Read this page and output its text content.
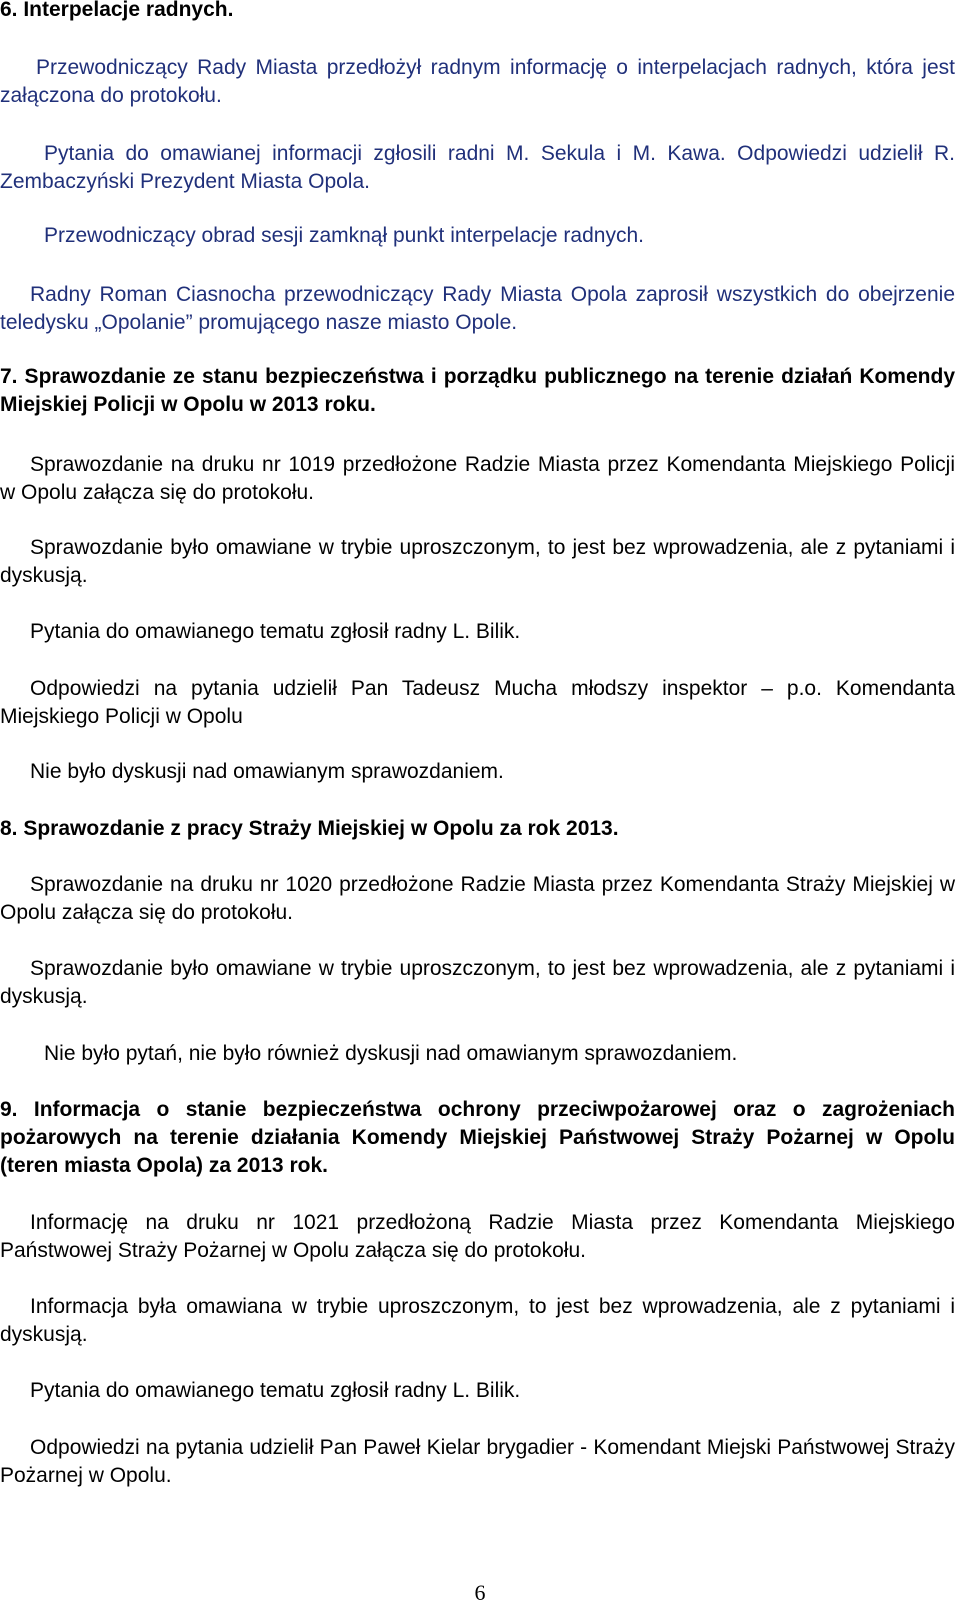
6. Interpelacje radnych.

Przewodniczący Rady Miasta przedłożył radnym informację o interpelacjach radnych, która jest załączona do protokołu.

Pytania do omawianej informacji zgłosili radni M. Sekula i M. Kawa. Odpowiedzi udzielił R. Zembaczyński Prezydent Miasta Opola.

Przewodniczący obrad sesji zamknął punkt interpelacje radnych.

Radny Roman Ciasnocha przewodniczący Rady Miasta Opola zaprosił wszystkich do obejrzenie teledysku „Opolanie” promującego nasze miasto Opole.

7. Sprawozdanie ze stanu bezpieczeństwa i porządku publicznego na terenie działań Komendy Miejskiej Policji w Opolu w 2013 roku.

Sprawozdanie na druku nr 1019 przedłożone Radzie Miasta przez Komendanta Miejskiego Policji w Opolu załącza się do protokołu.

Sprawozdanie było omawiane w trybie uproszczonym, to jest bez wprowadzenia, ale z pytaniami i dyskusją.

Pytania do omawianego tematu zgłosił radny L. Bilik.

Odpowiedzi na pytania udzielił Pan Tadeusz Mucha młodszy inspektor – p.o. Komendanta Miejskiego Policji w Opolu

Nie było dyskusji nad omawianym sprawozdaniem.

8. Sprawozdanie z pracy Straży Miejskiej w Opolu za rok 2013.

Sprawozdanie na druku nr 1020 przedłożone Radzie Miasta przez Komendanta Straży Miejskiej w Opolu załącza się do protokołu.

Sprawozdanie było omawiane w trybie uproszczonym, to jest bez wprowadzenia, ale z pytaniami i dyskusją.

Nie było pytań, nie było również dyskusji nad omawianym sprawozdaniem.

9. Informacja o stanie bezpieczeństwa ochrony przeciwpożarowej oraz o zagrożeniach pożarowych na terenie działania Komendy Miejskiej Państwowej Straży Pożarnej w Opolu (teren miasta Opola) za 2013 rok.

Informację na druku nr 1021 przedłożoną Radzie Miasta przez Komendanta Miejskiego Państwowej Straży Pożarnej w Opolu załącza się do protokołu.

Informacja była omawiana w trybie uproszczonym, to jest bez wprowadzenia, ale z pytaniami i dyskusją.

Pytania do omawianego tematu zgłosił radny L. Bilik.

Odpowiedzi na pytania udzielił Pan Paweł Kielar brygadier - Komendant Miejski Państwowej Straży Pożarnej w Opolu.

6
